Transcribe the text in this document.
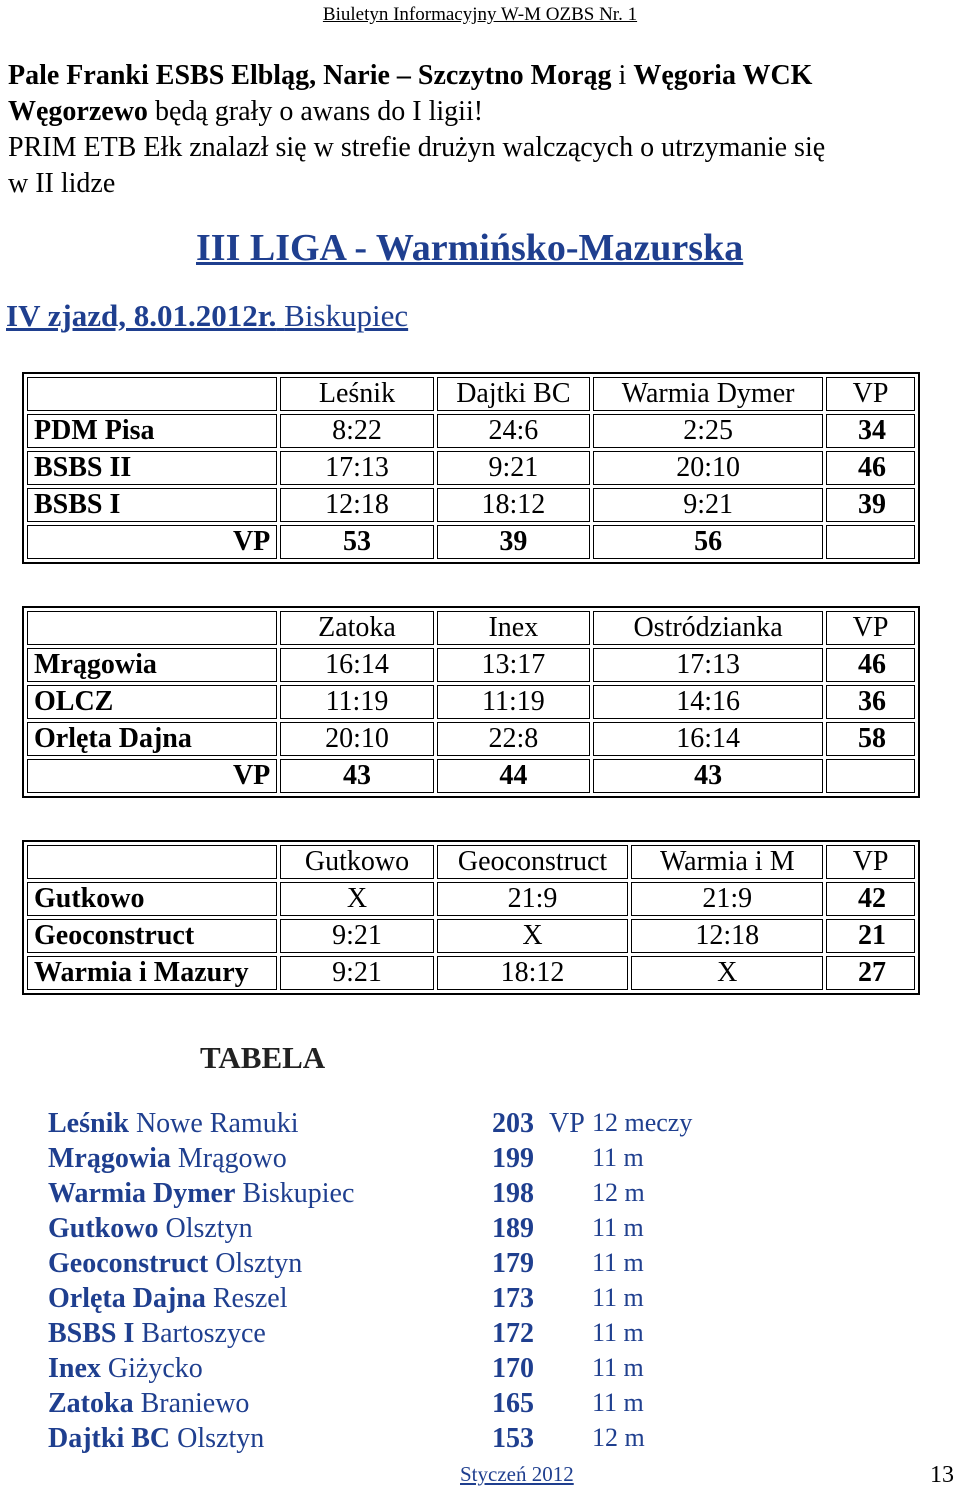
Biuletyn Informacyjny W-M OZBS Nr. 1
Pale Franki ESBS Elbląg, Narie – Szczytno Morąg i Węgoria WCK
Węgorzewo będą grały o awans do I ligii!
PRIM ETB Ełk znalazł się w strefie drużyn walczących o utrzymanie się
w II lidze
III LIGA - Warmińsko-Mazurska
IV zjazd, 8.01.2012r. Biskupiec
	Leśnik	Dajtki BC	Warmia Dymer	VP
PDM Pisa	8:22	24:6	2:25	34
BSBS II	17:13	9:21	20:10	46
BSBS I	12:18	18:12	9:21	39
VP	53	39	56	
	Zatoka	Inex	Ostródzianka	VP
Mrągowia	16:14	13:17	17:13	46
OLCZ	11:19	11:19	14:16	36
Orlęta Dajna	20:10	22:8	16:14	58
VP	43	44	43	
	Gutkowo	Geoconstruct	Warmia i M	VP
Gutkowo	X	21:9	21:9	42
Geoconstruct	9:21	X	12:18	21
Warmia i Mazury	9:21	18:12	X	27
TABELA
Leśnik Nowe Ramuki	203 VP 12 meczy
Mrągowia Mrągowo	199 11 m
Warmia Dymer Biskupiec	198 12 m
Gutkowo Olsztyn	189 11 m
Geoconstruct Olsztyn	179 11 m
Orlęta Dajna Reszel	173 11 m
BSBS I Bartoszyce	172 11 m
Inex Giżycko	170 11 m
Zatoka Braniewo	165 11 m
Dajtki BC Olsztyn	153 12 m
Styczeń 2012	13
